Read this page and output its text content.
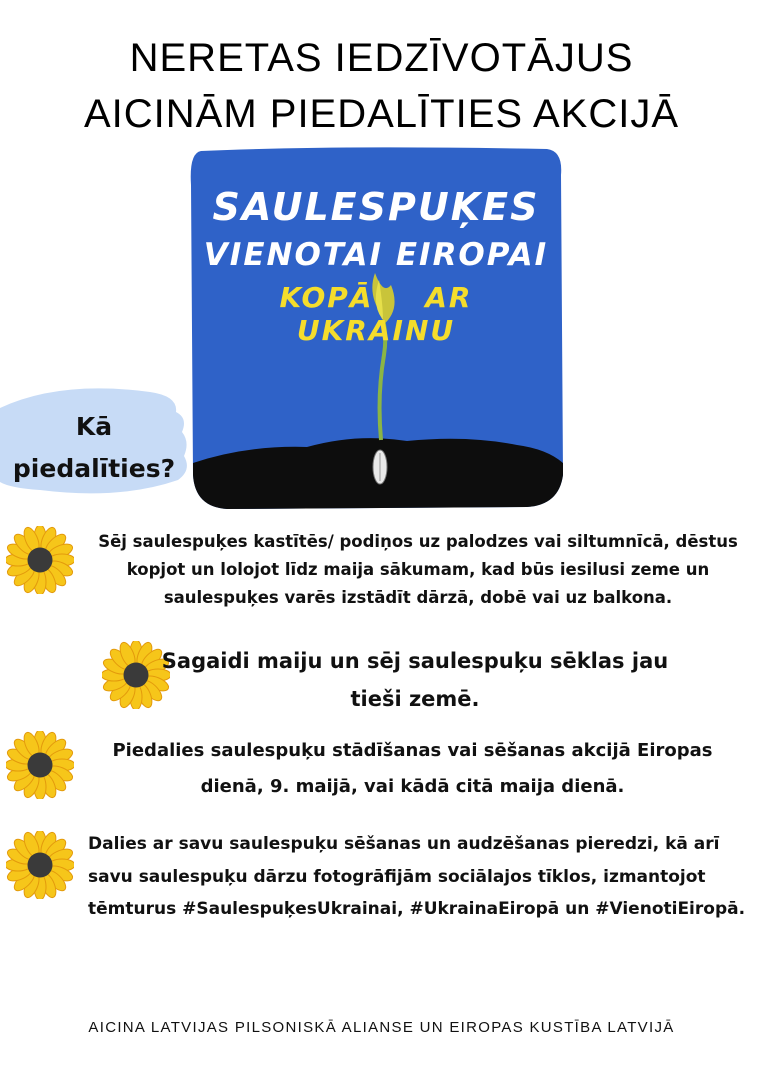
NERETAS IEDZĪVOTĀJUS
AICINĀM PIEDALĪTIES AKCIJĀ
SAULESPUĶES
VIENOTAI EIROPAI
KOPĀ AR UKRAINU
Kā
piedalīties?
Sēj saulespuķes kastītēs/ podiņos uz palodzes vai siltumnīcā, dēstus kopjot un lolojot līdz maija sākumam, kad būs iesilusi zeme un saulespuķes varēs izstādīt dārzā, dobē vai uz balkona.
Sagaidi maiju un sēj saulespuķu sēklas jau tieši zemē.
Piedalies saulespuķu stādīšanas vai sēšanas akcijā Eiropas dienā, 9. maijā, vai kādā citā maija dienā.
Dalies ar savu saulespuķu sēšanas un audzēšanas pieredzi, kā arī savu saulespuķu dārzu fotogrāfijām sociālajos tīklos, izmantojot tēmturus #SaulespuķesUkrainai, #UkrainaEiropā un #VienotiEiropā.
AICINA LATVIJAS PILSONISKĀ ALIANSE UN EIROPAS KUSTĪBA LATVIJĀ
